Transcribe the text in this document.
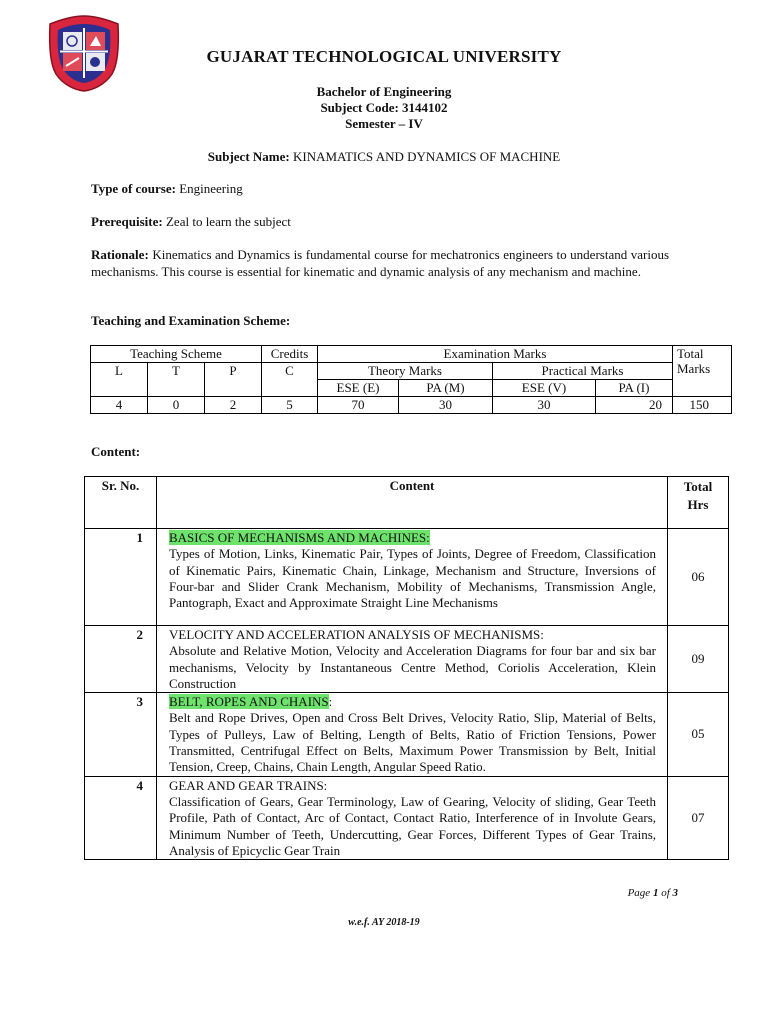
GUJARAT TECHNOLOGICAL UNIVERSITY
Bachelor of Engineering
Subject Code: 3144102
Semester – IV
Subject Name: KINAMATICS AND DYNAMICS OF MACHINE
Type of course: Engineering
Prerequisite: Zeal to learn the subject
Rationale: Kinematics and Dynamics is fundamental course for mechatronics engineers to understand various mechanisms. This course is essential for kinematic and dynamic analysis of any mechanism and machine.
Teaching and Examination Scheme:
Teaching Scheme			Credits	Examination Marks				Total
Marks

L	T	P	C	Theory Marks		Practical Marks		
				ESE (E)	PA (M)	ESE (V)	PA (I)	
4	0	2	5	70	30	30	20	150
Content:
Sr. No.	Content	Total
Hrs

1	BASICS OF MECHANISMS AND MACHINES:
Types of Motion, Links, Kinematic Pair, Types of Joints, Degree of Freedom, Classification of Kinematic Pairs, Kinematic Chain, Linkage, Mechanism and Structure, Inversions of Four-bar and Slider Crank Mechanism, Mobility of Mechanisms, Transmission Angle, Pantograph, Exact and Approximate Straight Line Mechanisms	06
2	VELOCITY AND ACCELERATION ANALYSIS OF MECHANISMS:
Absolute and Relative Motion, Velocity and Acceleration Diagrams for four bar and six bar mechanisms, Velocity by Instantaneous Centre Method, Coriolis Acceleration, Klein Construction	09
3	BELT, ROPES AND CHAINS:
Belt and Rope Drives, Open and Cross Belt Drives, Velocity Ratio, Slip, Material of Belts, Types of Pulleys, Law of Belting, Length of Belts, Ratio of Friction Tensions, Power Transmitted, Centrifugal Effect on Belts, Maximum Power Transmission by Belt, Initial Tension, Creep, Chains, Chain Length, Angular Speed Ratio.	05
4	GEAR AND GEAR TRAINS:
Classification of Gears, Gear Terminology, Law of Gearing, Velocity of sliding, Gear Teeth Profile, Path of Contact, Arc of Contact, Contact Ratio, Interference of in Involute Gears, Minimum Number of Teeth, Undercutting, Gear Forces, Different Types of Gear Trains, Analysis of Epicyclic Gear Train	07
Page 1 of 3
w.e.f. AY 2018-19
